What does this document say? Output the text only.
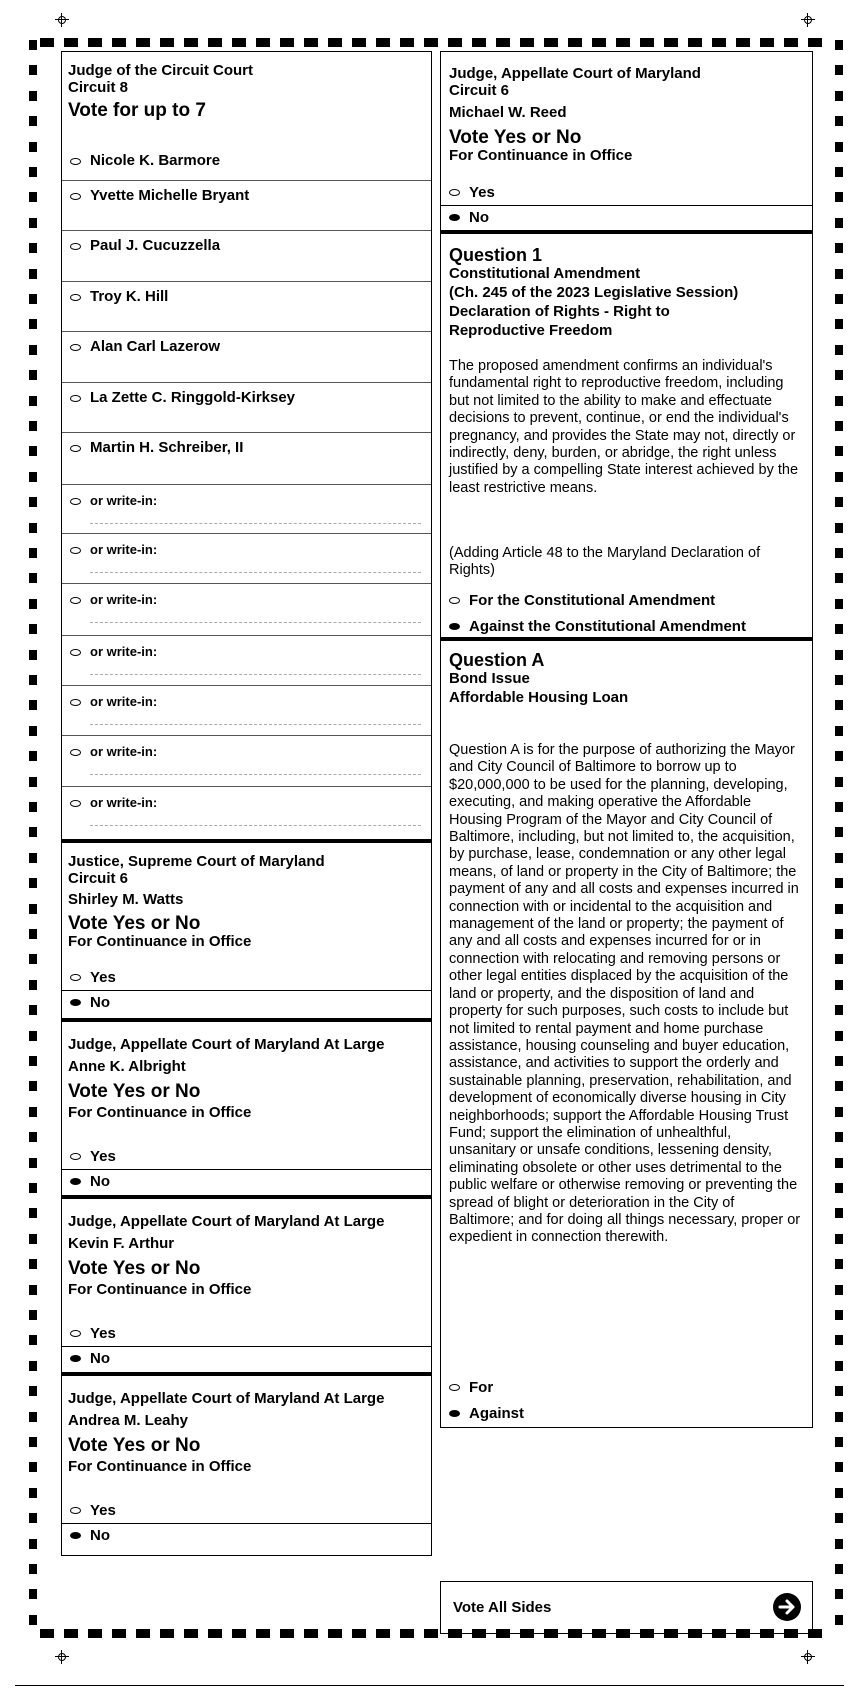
Judge of the Circuit Court
Circuit 8
Vote for up to 7
Nicole K. Barmore
Yvette Michelle Bryant
Paul J. Cucuzzella
Troy K. Hill
Alan Carl Lazerow
La Zette C. Ringgold-Kirksey
Martin H. Schreiber, II
or write-in:
or write-in:
or write-in:
or write-in:
or write-in:
or write-in:
or write-in:
Justice, Supreme Court of Maryland
Circuit 6
Shirley M. Watts
Vote Yes or No
For Continuance in Office
Yes
No
Judge, Appellate Court of Maryland At Large
Anne K. Albright
Vote Yes or No
For Continuance in Office
Yes
No
Judge, Appellate Court of Maryland At Large
Kevin F. Arthur
Vote Yes or No
For Continuance in Office
Yes
No
Judge, Appellate Court of Maryland At Large
Andrea M. Leahy
Vote Yes or No
For Continuance in Office
Yes
No
Judge, Appellate Court of Maryland
Circuit 6
Michael W. Reed
Vote Yes or No
For Continuance in Office
Yes
No
Question 1
Constitutional Amendment
(Ch. 245 of the 2023 Legislative Session)
Declaration of Rights - Right to
Reproductive Freedom
The proposed amendment confirms an individual's fundamental right to reproductive freedom, including but not limited to the ability to make and effectuate decisions to prevent, continue, or end the individual's pregnancy, and provides the State may not, directly or indirectly, deny, burden, or abridge, the right unless justified by a compelling State interest achieved by the least restrictive means.
(Adding Article 48 to the Maryland Declaration of Rights)
For the Constitutional Amendment
Against the Constitutional Amendment
Question A
Bond Issue
Affordable Housing Loan
Question A is for the purpose of authorizing the Mayor and City Council of Baltimore to borrow up to $20,000,000 to be used for the planning, developing, executing, and making operative the Affordable Housing Program of the Mayor and City Council of Baltimore, including, but not limited to, the acquisition, by purchase, lease, condemnation or any other legal means, of land or property in the City of Baltimore; the payment of any and all costs and expenses incurred in connection with or incidental to the acquisition and management of the land or property; the payment of any and all costs and expenses incurred for or in connection with relocating and removing persons or other legal entities displaced by the acquisition of the land or property, and the disposition of land and property for such purposes, such costs to include but not limited to rental payment and home purchase assistance, housing counseling and buyer education, assistance, and activities to support the orderly and sustainable planning, preservation, rehabilitation, and development of economically diverse housing in City neighborhoods; support the Affordable Housing Trust Fund; support the elimination of unhealthful, unsanitary or unsafe conditions, lessening density, eliminating obsolete or other uses detrimental to the public welfare or otherwise removing or preventing the spread of blight or deterioration in the City of Baltimore; and for doing all things necessary, proper or expedient in connection therewith.
For
Against
Vote All Sides
